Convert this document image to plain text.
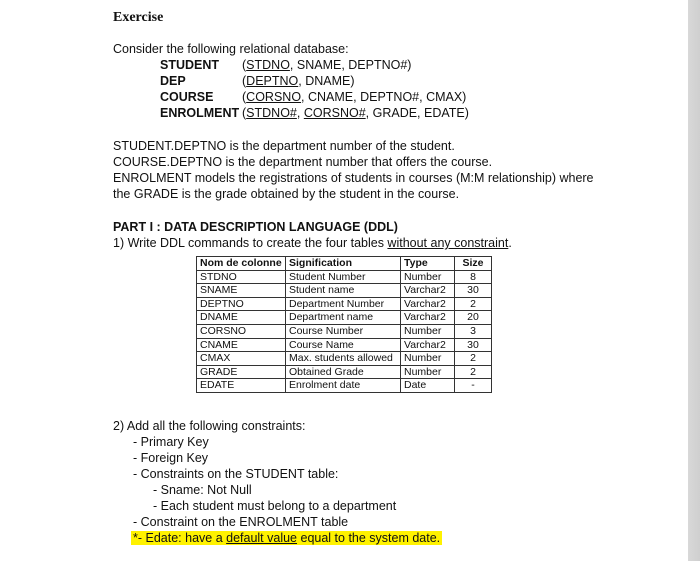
Exercise
Consider the following relational database:
STUDENT (STDNO, SNAME, DEPTNO#)
DEP	(DEPTNO, DNAME)
COURSE (CORSNO, CNAME, DEPTNO#, CMAX)
ENROLMENT (STDNO#, CORSNO#, GRADE, EDATE)
STUDENT.DEPTNO is the department number of the student.
COURSE.DEPTNO is the department number that offers the course.
ENROLMENT models the registrations of students in courses (M:M relationship) where
the GRADE is the grade obtained by the student in the course.
PART I : DATA DESCRIPTION LANGUAGE (DDL)
1) Write DDL commands to create the four tables without any constraint.
Nom de colonne	Signification	Type	Size
STDNO	Student Number	Number	8
SNAME	Student name	Varchar2	30
DEPTNO	Department Number	Varchar2	2
DNAME	Department name	Varchar2	20
CORSNO	Course Number	Number	3
CNAME	Course Name	Varchar2	30
CMAX	Max. students allowed	Number	2
GRADE	Obtained Grade	Number	2
EDATE	Enrolment date	Date	-
2) Add all the following constraints:
- Primary Key
- Foreign Key
- Constraints on the STUDENT table:
- Sname: Not Null
- Each student must belong to a department
- Constraint on the ENROLMENT table
*- Edate: have a default value equal to the system date.
